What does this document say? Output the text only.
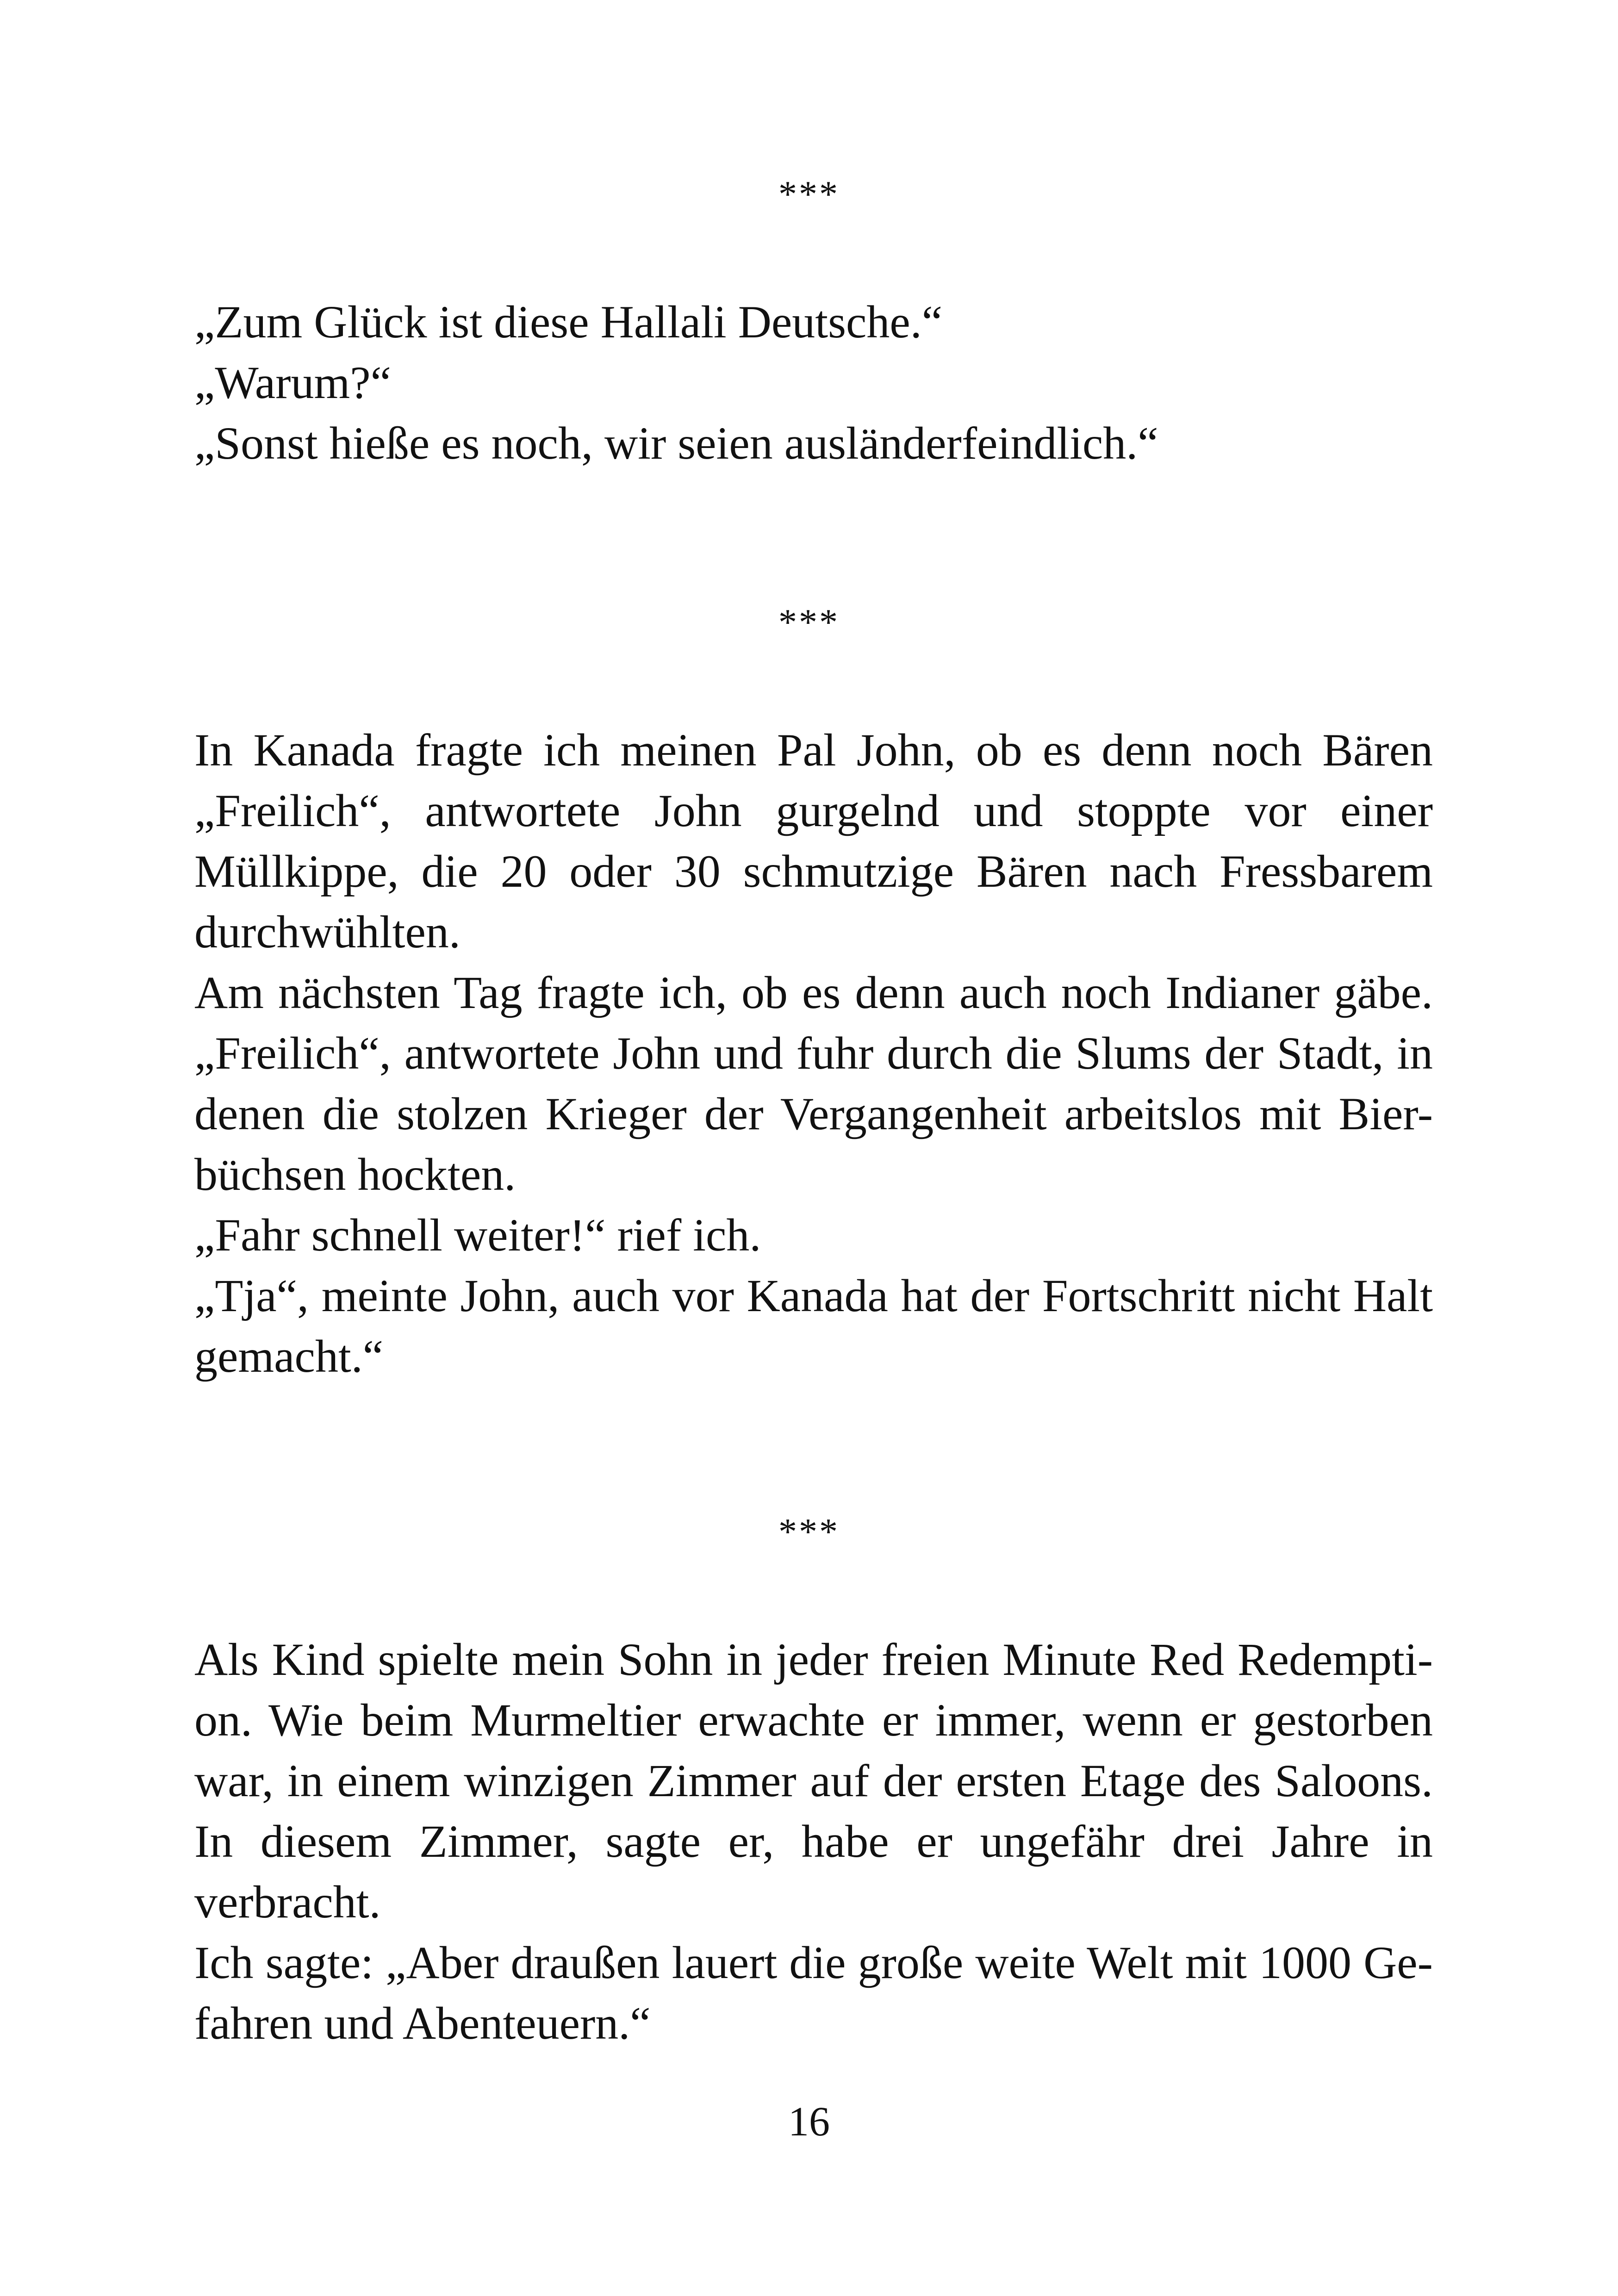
***
„Zum Glück ist diese Hallali Deutsche.“
„Warum?“
„Sonst hieße es noch, wir seien ausländerfeindlich.“
***
In Kanada fragte ich meinen Pal John, ob es denn noch Bären
„Freilich“, antwortete John gurgelnd und stoppte vor einer
Müllkippe, die 20 oder 30 schmutzige Bären nach Fressbarem
durchwühlten.
Am nächsten Tag fragte ich, ob es denn auch noch Indianer gäbe.
„Freilich“, antwortete John und fuhr durch die Slums der Stadt, in
denen die stolzen Krieger der Vergangenheit arbeitslos mit Bier-
büchsen hockten.
„Fahr schnell weiter!“ rief ich.
„Tja“, meinte John, auch vor Kanada hat der Fortschritt nicht Halt
gemacht.“
***
Als Kind spielte mein Sohn in jeder freien Minute Red Redempti-
on. Wie beim Murmeltier erwachte er immer, wenn er gestorben
war, in einem winzigen Zimmer auf der ersten Etage des Saloons.
In diesem Zimmer, sagte er, habe er ungefähr drei Jahre in
verbracht.
Ich sagte: „Aber draußen lauert die große weite Welt mit 1000 Ge-
fahren und Abenteuern.“
16
